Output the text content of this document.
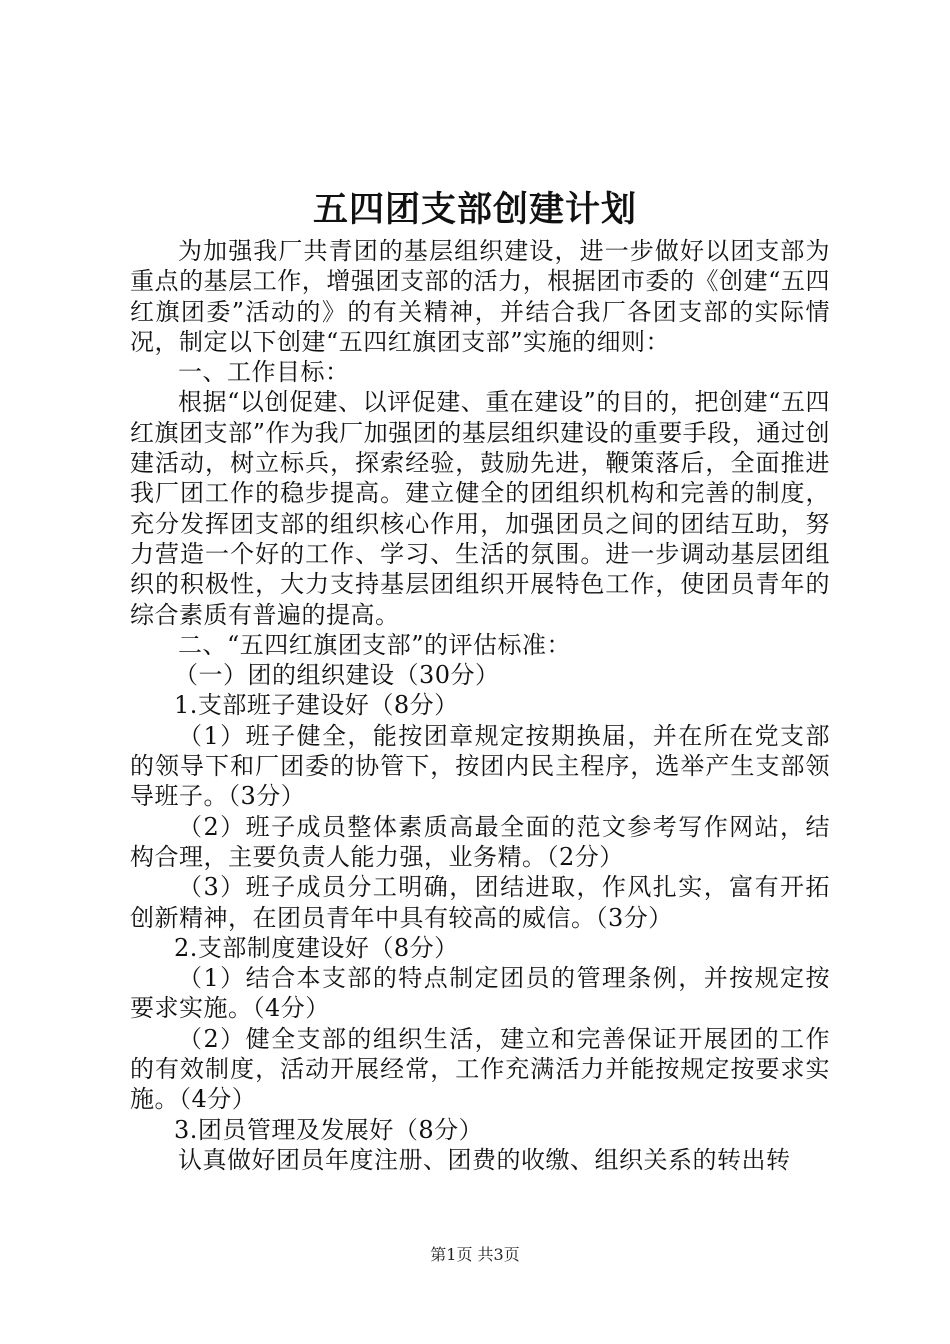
五四团支部创建计划

为加强我厂共青团的基层组织建设，进一步做好以团支部为重点的基层工作，增强团支部的活力，根据团市委的《创建“五四红旗团委”活动的》的有关精神，并结合我厂各团支部的实际情况，制定以下创建“五四红旗团支部”实施的细则：

一、工作目标：

根据“以创促建、以评促建、重在建设”的目的，把创建“五四红旗团支部”作为我厂加强团的基层组织建设的重要手段，通过创建活动，树立标兵，探索经验，鼓励先进，鞭策落后，全面推进我厂团工作的稳步提高。建立健全的团组织机构和完善的制度，充分发挥团支部的组织核心作用，加强团员之间的团结互助，努力营造一个好的工作、学习、生活的氛围。进一步调动基层团组织的积极性，大力支持基层团组织开展特色工作，使团员青年的综合素质有普遍的提高。

二、“五四红旗团支部”的评估标准：

（一）团的组织建设（30分）

1.支部班子建设好（8分）

（1）班子健全，能按团章规定按期换届，并在所在党支部的领导下和厂团委的协管下，按团内民主程序，选举产生支部领导班子。（3分）

（2）班子成员整体素质高最全面的范文参考写作网站，结构合理，主要负责人能力强，业务精。（2分）

（3）班子成员分工明确，团结进取，作风扎实，富有开拓创新精神，在团员青年中具有较高的威信。（3分）

2.支部制度建设好（8分）

（1）结合本支部的特点制定团员的管理条例，并按规定按要求实施。（4分）

（2）健全支部的组织生活，建立和完善保证开展团的工作的有效制度，活动开展经常，工作充满活力并能按规定按要求实施。（4分）

3.团员管理及发展好（8分）

认真做好团员年度注册、团费的收缴、组织关系的转出转

第1页 共3页
